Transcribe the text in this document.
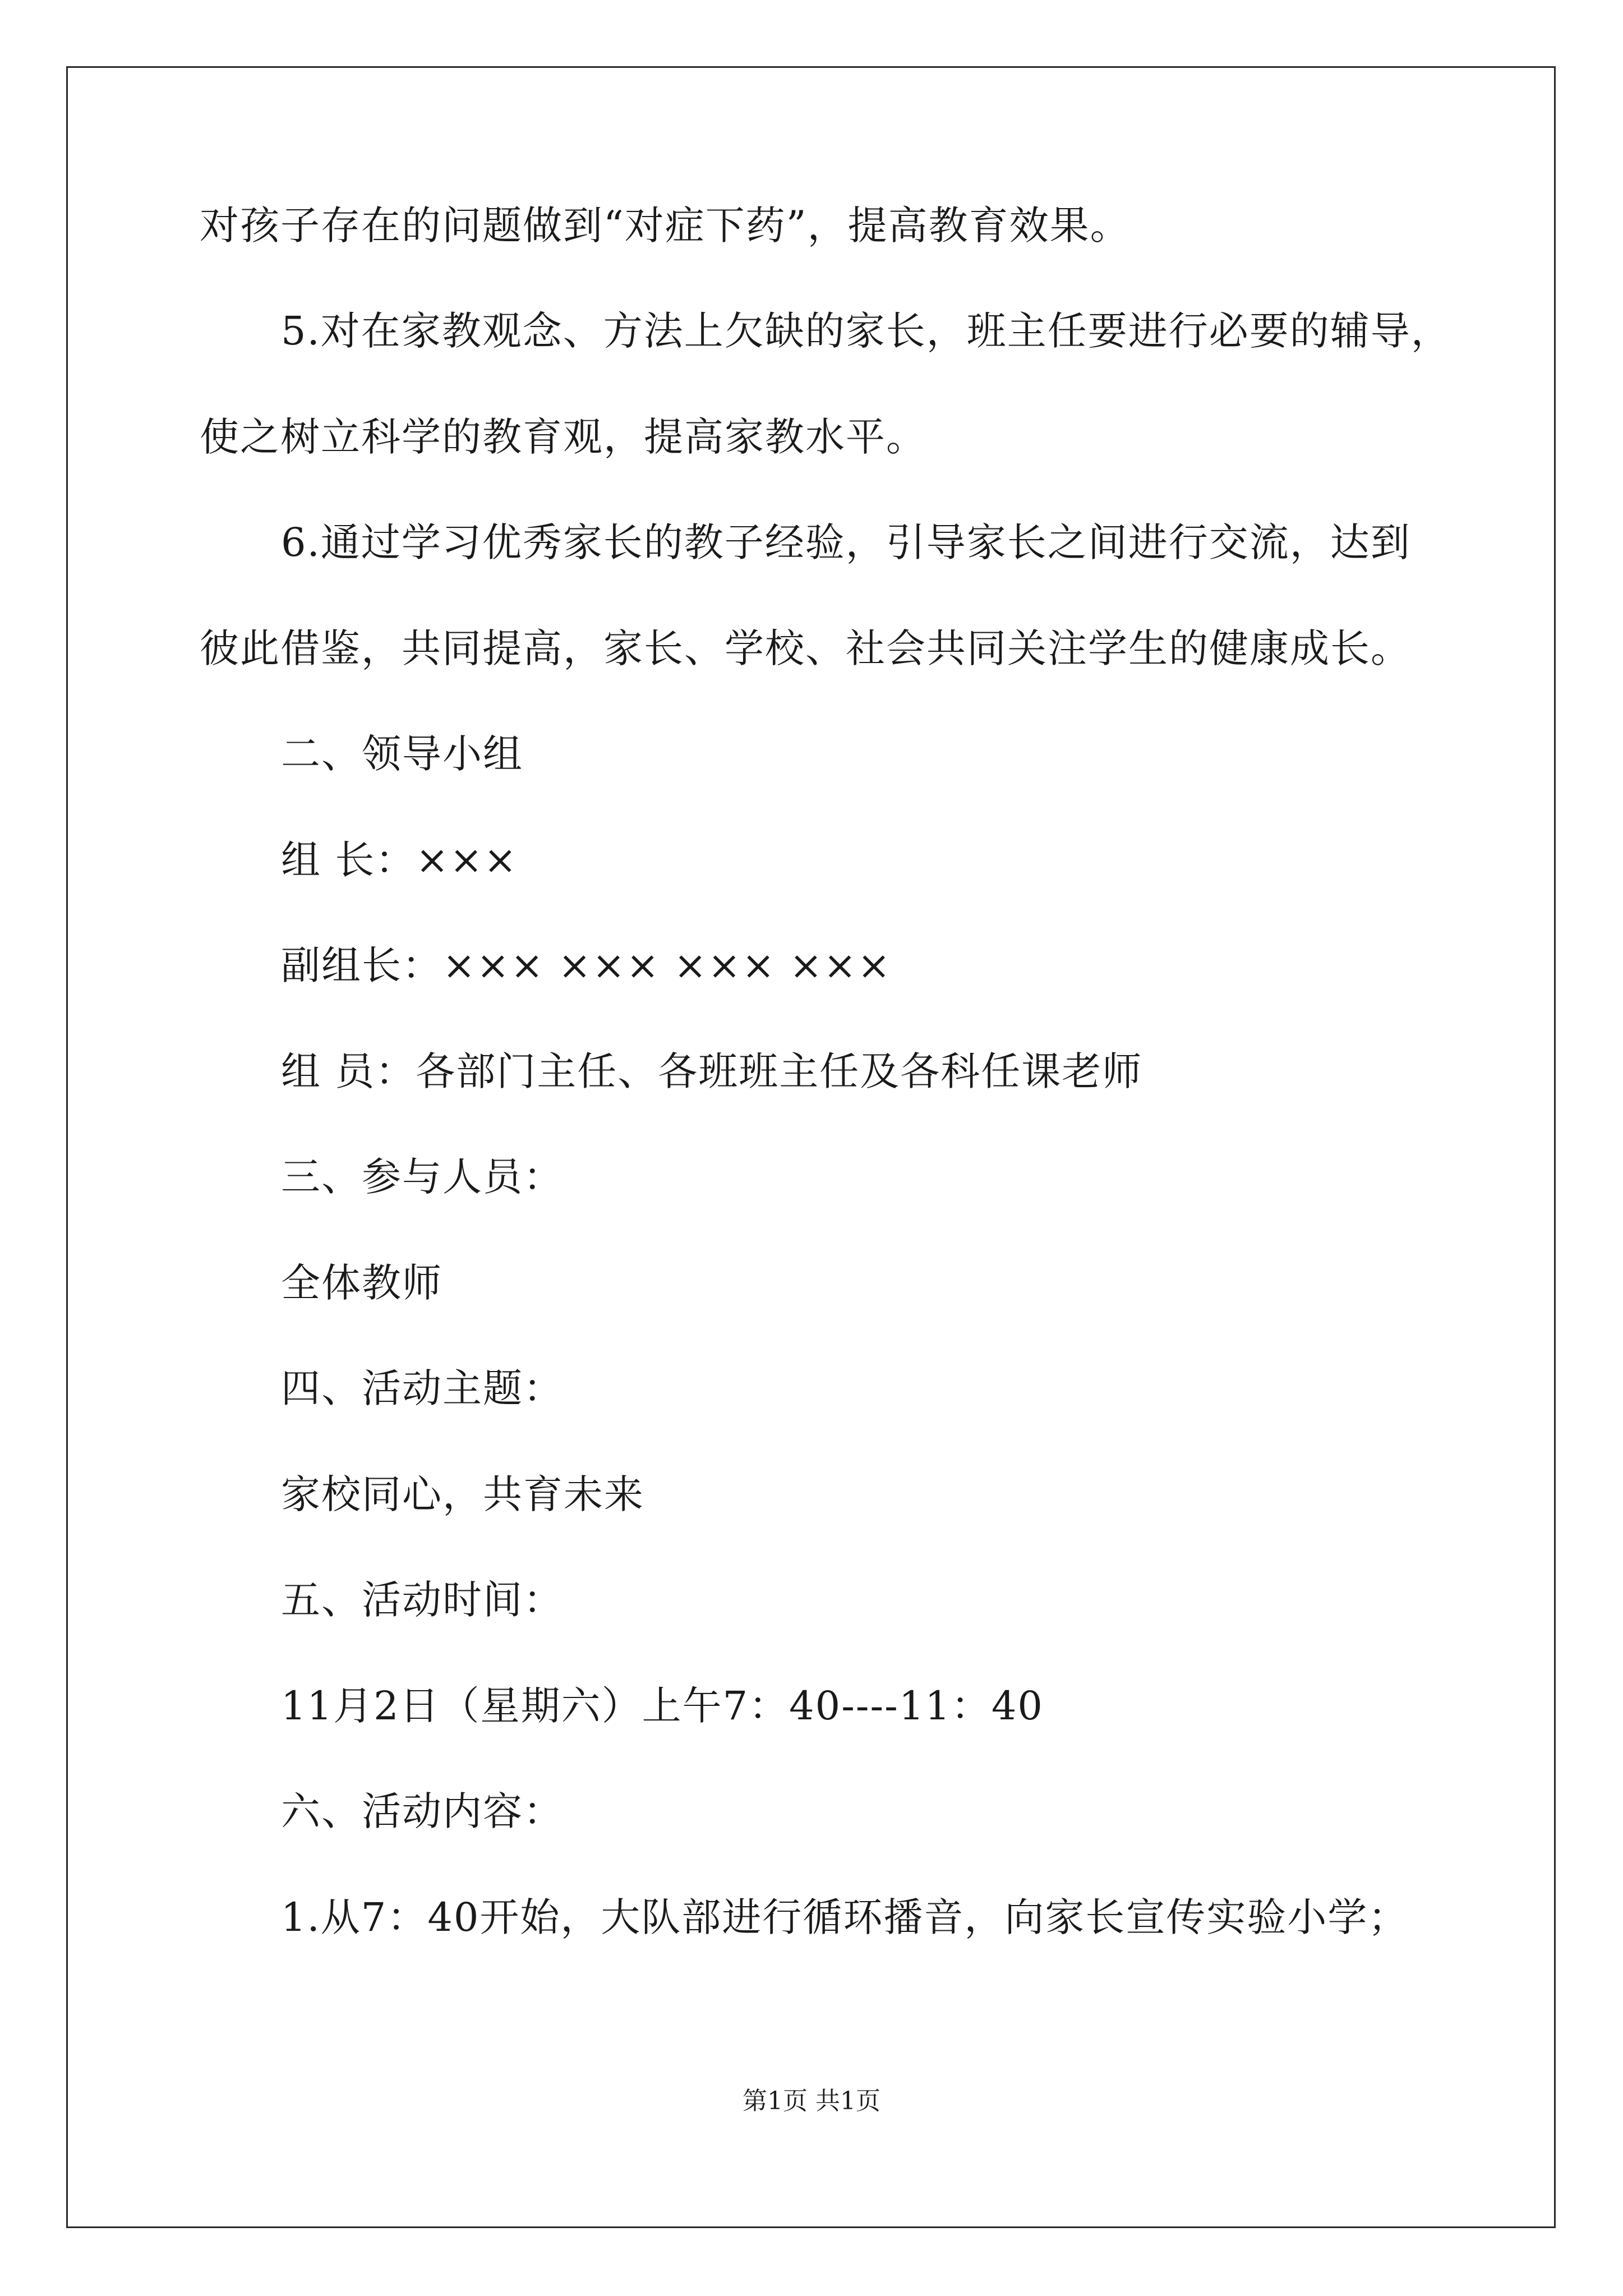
对孩子存在的问题做到“对症下药”，提高教育效果。
5.对在家教观念、方法上欠缺的家长，班主任要进行必要的辅导，
使之树立科学的教育观，提高家教水平。
6.通过学习优秀家长的教子经验，引导家长之间进行交流，达到
彼此借鉴，共同提高，家长、学校、社会共同关注学生的健康成长。
二、领导小组
组 长：×××
副组长：××× ××× ××× ×××
组 员：各部门主任、各班班主任及各科任课老师
三、参与人员：
全体教师
四、活动主题：
家校同心，共育未来
五、活动时间：
11月2日（星期六）上午7：40----11：40
六、活动内容：
1.从7：40开始，大队部进行循环播音，向家长宣传实验小学；
第1页 共1页
